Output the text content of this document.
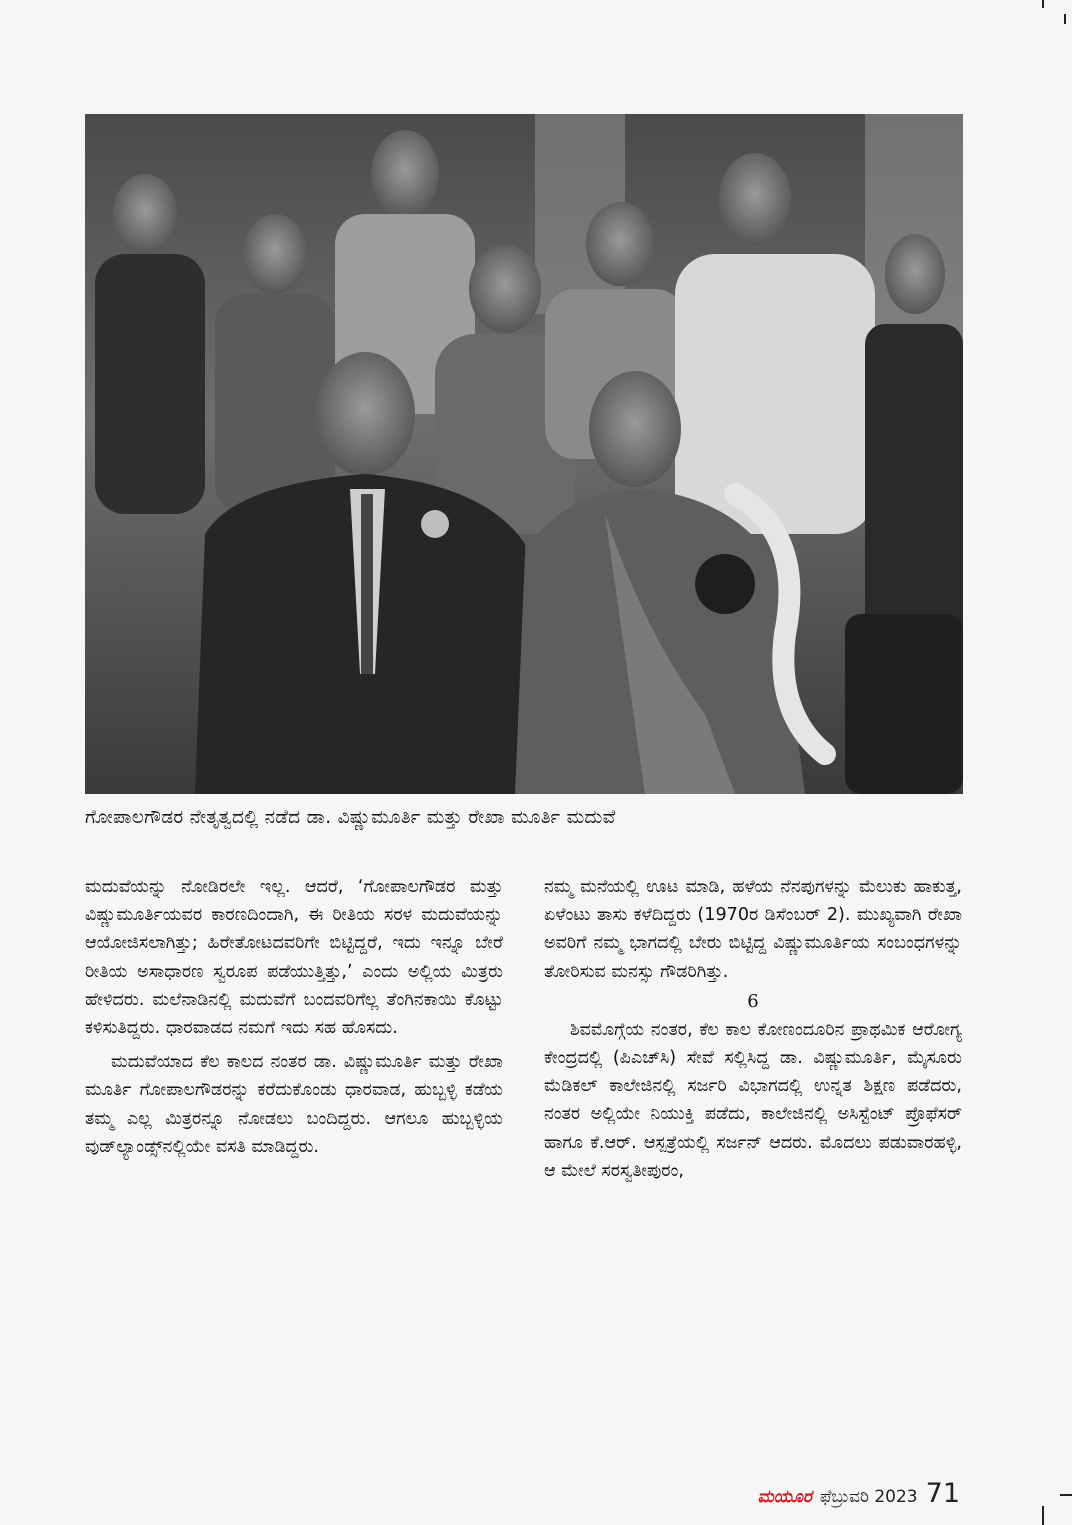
ಗೋಪಾಲಗೌಡರ ನೇತೃತ್ವದಲ್ಲಿ ನಡೆದ ಡಾ. ವಿಷ್ಣುಮೂರ್ತಿ ಮತ್ತು ರೇಖಾ ಮೂರ್ತಿ ಮದುವೆ

ಮದುವೆಯನ್ನು ನೋಡಿರಲೇ ಇಲ್ಲ. ಆದರೆ, ‘ಗೋಪಾಲಗೌಡರ ಮತ್ತು ವಿಷ್ಣುಮೂರ್ತಿಯವರ ಕಾರಣದಿಂದಾಗಿ, ಈ ರೀತಿಯ ಸರಳ ಮದುವೆಯನ್ನು ಆಯೋಜಿಸಲಾಗಿತ್ತು; ಹಿರೇತೋಟದವರಿಗೇ ಬಿಟ್ಟಿದ್ದರೆ, ಇದು ಇನ್ನೂ ಬೇರೆ ರೀತಿಯ ಅಸಾಧಾರಣ ಸ್ವರೂಪ ಪಡೆಯುತ್ತಿತ್ತು,’ ಎಂದು ಅಲ್ಲಿಯ ಮಿತ್ರರು ಹೇಳಿದರು. ಮಲೆನಾಡಿನಲ್ಲಿ ಮದುವೆಗೆ ಬಂದವರಿಗೆಲ್ಲ ತೆಂಗಿನಕಾಯಿ ಕೊಟ್ಟು ಕಳಿಸುತಿದ್ದರು. ಧಾರವಾಡದ ನಮಗೆ ಇದು ಸಹ ಹೊಸದು.

ಮದುವೆಯಾದ ಕೆಲ ಕಾಲದ ನಂತರ ಡಾ. ವಿಷ್ಣುಮೂರ್ತಿ ಮತ್ತು ರೇಖಾ ಮೂರ್ತಿ ಗೋಪಾಲಗೌಡರನ್ನು ಕರೆದುಕೊಂಡು ಧಾರವಾಡ, ಹುಬ್ಬಳ್ಳಿ ಕಡೆಯ ತಮ್ಮ ಎಲ್ಲ ಮಿತ್ರರನ್ನೂ ನೋಡಲು ಬಂದಿದ್ದರು. ಆಗಲೂ ಹುಬ್ಬಳ್ಳಿಯ ವುಡ್‌ಲ್ಯಾಂಡ್ಸ್‌ನಲ್ಲಿಯೇ ವಸತಿ ಮಾಡಿದ್ದರು.

ನಮ್ಮ ಮನೆಯಲ್ಲಿ ಊಟ ಮಾಡಿ, ಹಳೆಯ ನೆನಪುಗಳನ್ನು ಮೆಲುಕು ಹಾಕುತ್ತ, ಏಳೆಂಟು ತಾಸು ಕಳೆದಿದ್ದರು (1970ರ ಡಿಸೆಂಬರ್ 2). ಮುಖ್ಯವಾಗಿ ರೇಖಾ ಅವರಿಗೆ ನಮ್ಮ ಭಾಗದಲ್ಲಿ ಬೇರು ಬಿಟ್ಟಿದ್ದ ವಿಷ್ಣುಮೂರ್ತಿಯ ಸಂಬಂಧಗಳನ್ನು ತೋರಿಸುವ ಮನಸ್ಸು ಗೌಡರಿಗಿತ್ತು.

6

ಶಿವಮೊಗ್ಗೆಯ ನಂತರ, ಕೆಲ ಕಾಲ ಕೋಣಂದೂರಿನ ಪ್ರಾಥಮಿಕ ಆರೋಗ್ಯ ಕೇಂದ್ರದಲ್ಲಿ (ಪಿಎಚ್‌ಸಿ) ಸೇವೆ ಸಲ್ಲಿಸಿದ್ದ ಡಾ. ವಿಷ್ಣುಮೂರ್ತಿ, ಮೈಸೂರು ಮೆಡಿಕಲ್ ಕಾಲೇಜಿನಲ್ಲಿ ಸರ್ಜರಿ ವಿಭಾಗದಲ್ಲಿ ಉನ್ನತ ಶಿಕ್ಷಣ ಪಡೆದರು, ನಂತರ ಅಲ್ಲಿಯೇ ನಿಯುಕ್ತಿ ಪಡೆದು, ಕಾಲೇಜಿನಲ್ಲಿ ಅಸಿಸ್ಟೆಂಟ್ ಪ್ರೊಫೆಸರ್ ಹಾಗೂ ಕೆ.ಆರ್. ಆಸ್ಪತ್ರೆಯಲ್ಲಿ ಸರ್ಜನ್ ಆದರು. ಮೊದಲು ಪಡುವಾರಹಳ್ಳಿ, ಆ ಮೇಲೆ ಸರಸ್ವತೀಪುರಂ,

ಮಯೂರ ಫೆಬ್ರುವರಿ 2023 71
